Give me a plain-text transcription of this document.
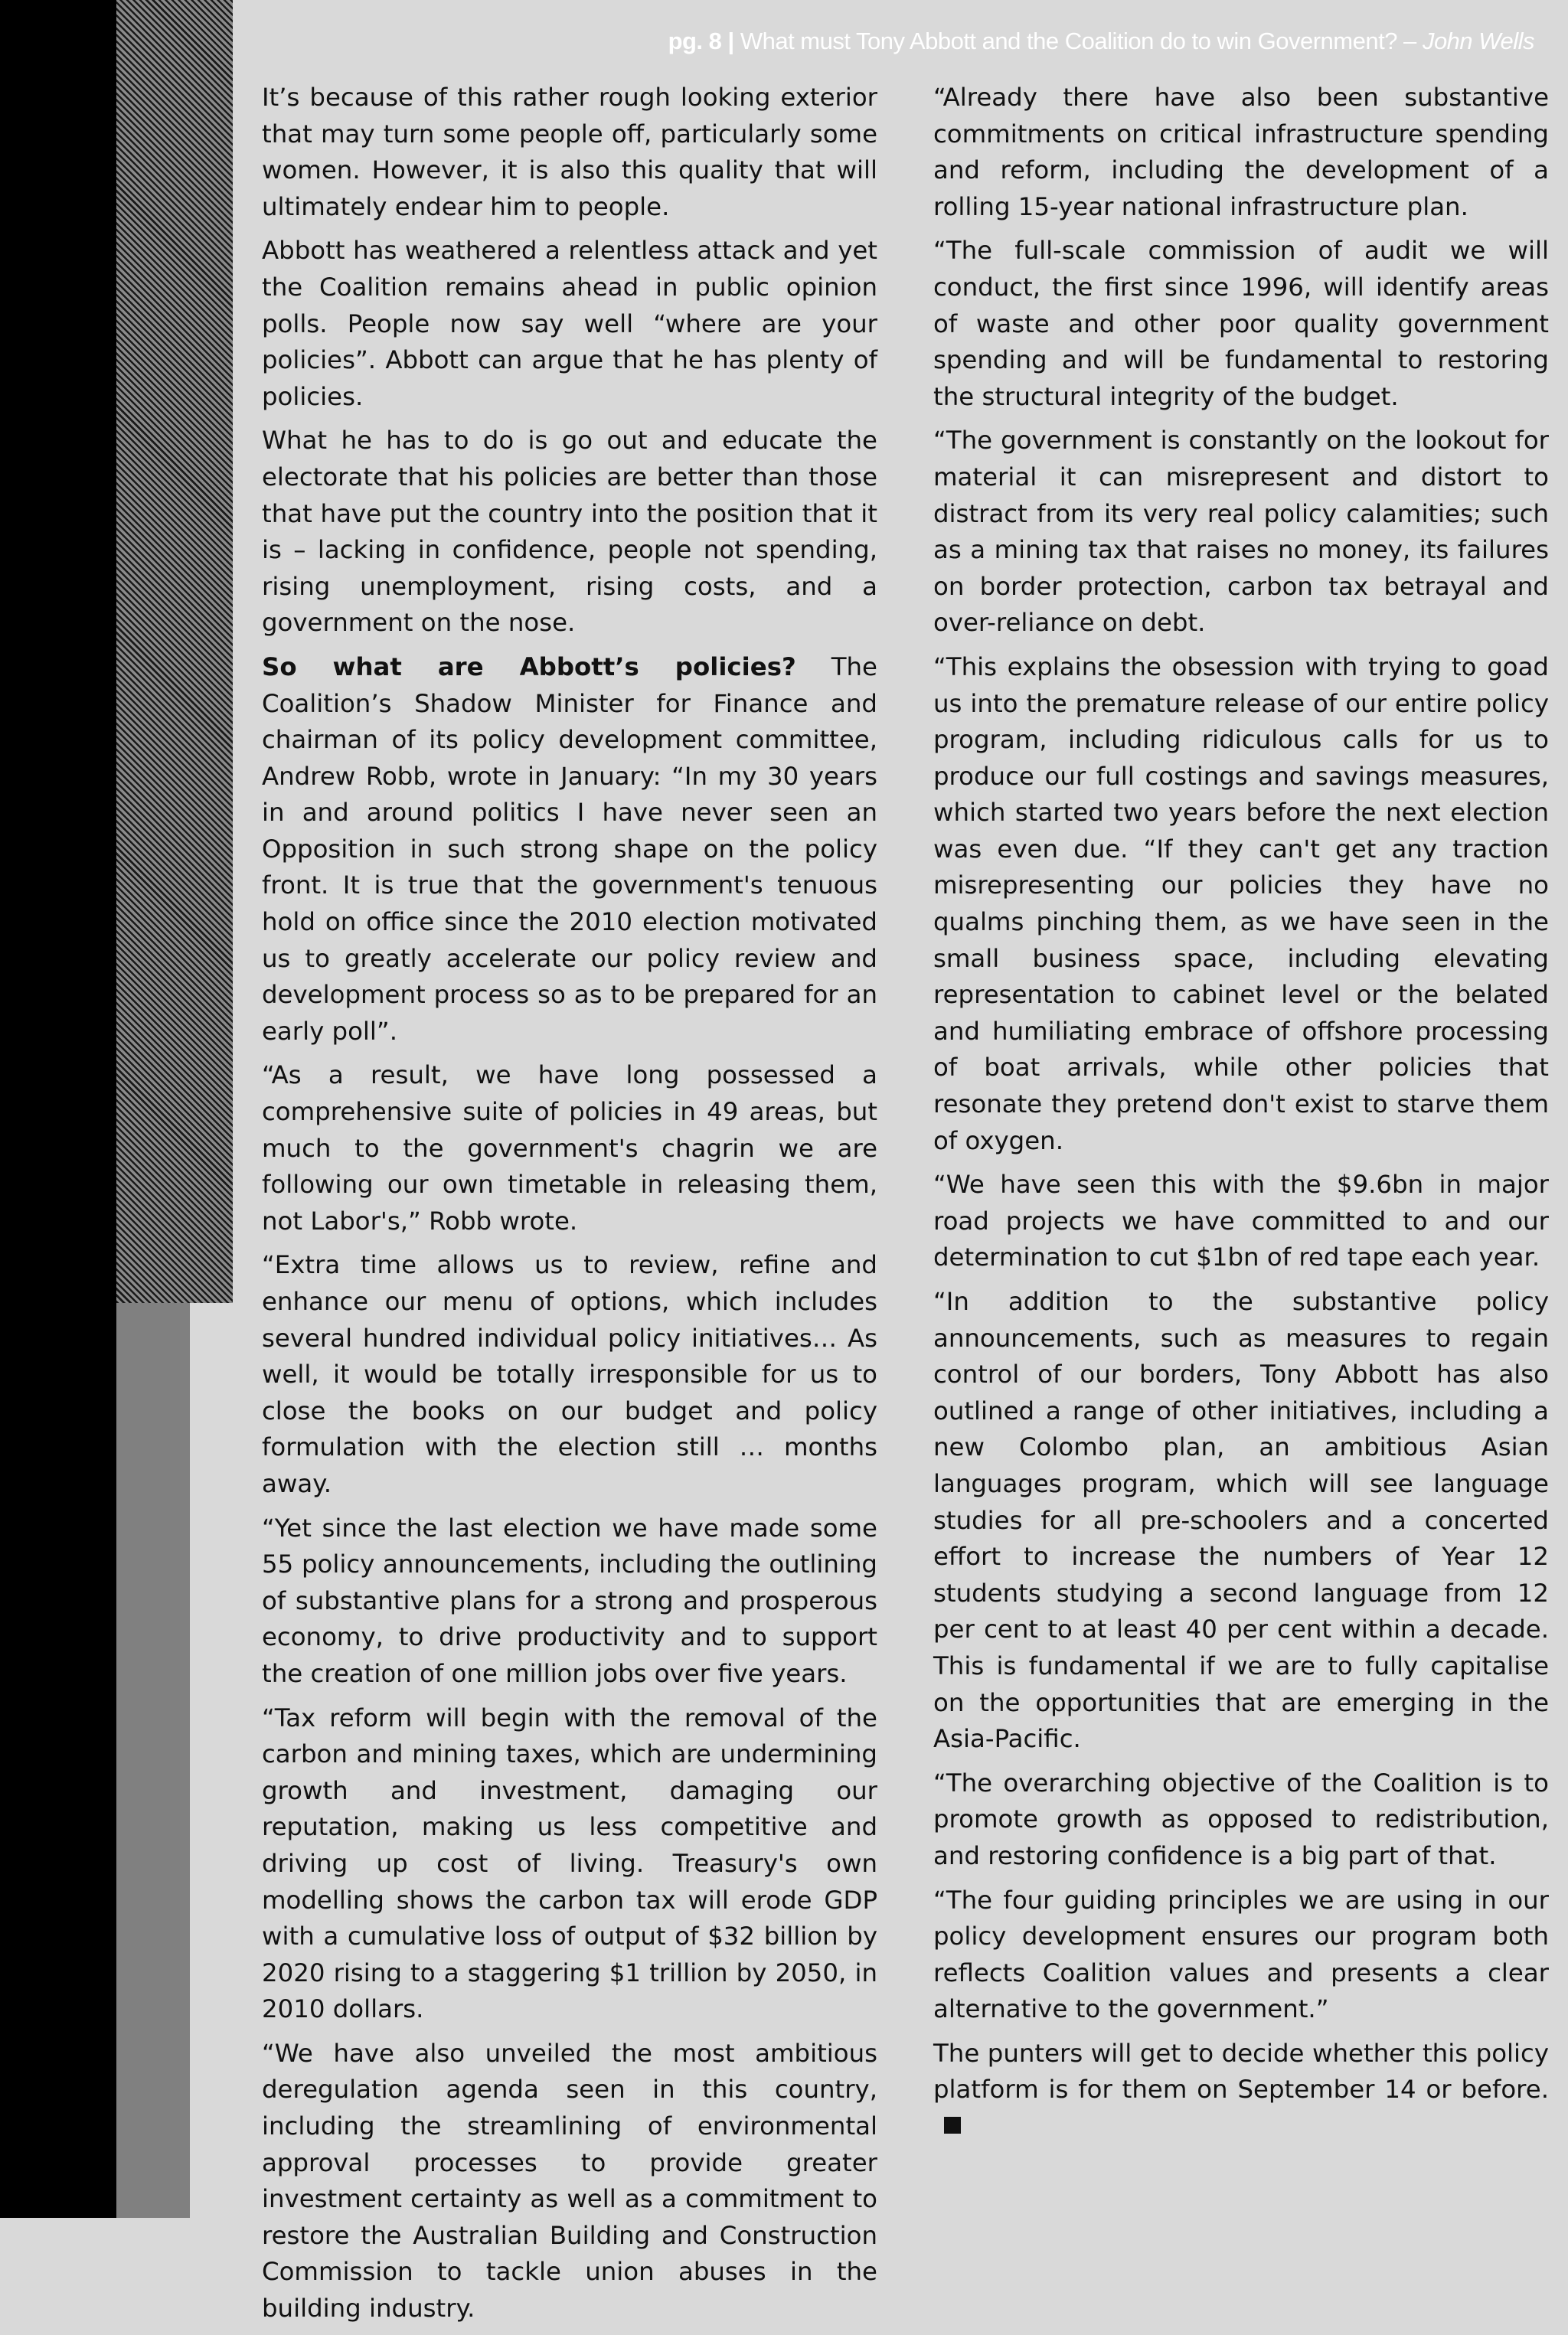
pg. 8 | What must Tony Abbott and the Coalition do to win Government? – John Wells

It’s because of this rather rough looking exterior that may turn some people off, particularly some women. However, it is also this quality that will ultimately endear him to people.

Abbott has weathered a relentless attack and yet the Coalition remains ahead in public opinion polls. People now say well “where are your policies”. Abbott can argue that he has plenty of policies.

What he has to do is go out and educate the electorate that his policies are better than those that have put the country into the position that it is – lacking in confidence, people not spending, rising unemployment, rising costs, and a government on the nose.

So what are Abbott’s policies? The Coalition’s Shadow Minister for Finance and chairman of its policy development committee, Andrew Robb, wrote in January: “In my 30 years in and around politics I have never seen an Opposition in such strong shape on the policy front. It is true that the government's tenuous hold on office since the 2010 election motivated us to greatly accelerate our policy review and development process so as to be prepared for an early poll”.

“As a result, we have long possessed a comprehensive suite of policies in 49 areas, but much to the government's chagrin we are following our own timetable in releasing them, not Labor's,” Robb wrote.

“Extra time allows us to review, refine and enhance our menu of options, which includes several hundred individual policy initiatives… As well, it would be totally irresponsible for us to close the books on our budget and policy formulation with the election still … months away.

“Yet since the last election we have made some 55 policy announcements, including the outlining of substantive plans for a strong and prosperous economy, to drive productivity and to support the creation of one million jobs over five years.

“Tax reform will begin with the removal of the carbon and mining taxes, which are undermining growth and investment, damaging our reputation, making us less competitive and driving up cost of living. Treasury's own modelling shows the carbon tax will erode GDP with a cumulative loss of output of $32 billion by 2020 rising to a staggering $1 trillion by 2050, in 2010 dollars.

“We have also unveiled the most ambitious deregulation agenda seen in this country, including the streamlining of environmental approval processes to provide greater investment certainty as well as a commitment to restore the Australian Building and Construction Commission to tackle union abuses in the building industry.

“Already there have also been substantive commitments on critical infrastructure spending and reform, including the development of a rolling 15-year national infrastructure plan.

“The full-scale commission of audit we will conduct, the first since 1996, will identify areas of waste and other poor quality government spending and will be fundamental to restoring the structural integrity of the budget.

“The government is constantly on the lookout for material it can misrepresent and distort to distract from its very real policy calamities; such as a mining tax that raises no money, its failures on border protection, carbon tax betrayal and over-reliance on debt.

“This explains the obsession with trying to goad us into the premature release of our entire policy program, including ridiculous calls for us to produce our full costings and savings measures, which started two years before the next election was even due. “If they can't get any traction misrepresenting our policies they have no qualms pinching them, as we have seen in the small business space, including elevating representation to cabinet level or the belated and humiliating embrace of offshore processing of boat arrivals, while other policies that resonate they pretend don't exist to starve them of oxygen.

“We have seen this with the $9.6bn in major road projects we have committed to and our determination to cut $1bn of red tape each year.

“In addition to the substantive policy announcements, such as measures to regain control of our borders, Tony Abbott has also outlined a range of other initiatives, including a new Colombo plan, an ambitious Asian languages program, which will see language studies for all pre-schoolers and a concerted effort to increase the numbers of Year 12 students studying a second language from 12 per cent to at least 40 per cent within a decade. This is fundamental if we are to fully capitalise on the opportunities that are emerging in the Asia-Pacific.

“The overarching objective of the Coalition is to promote growth as opposed to redistribution, and restoring confidence is a big part of that.

“The four guiding principles we are using in our policy development ensures our program both reflects Coalition values and presents a clear alternative to the government.”

The punters will get to decide whether this policy platform is for them on September 14 or before.
